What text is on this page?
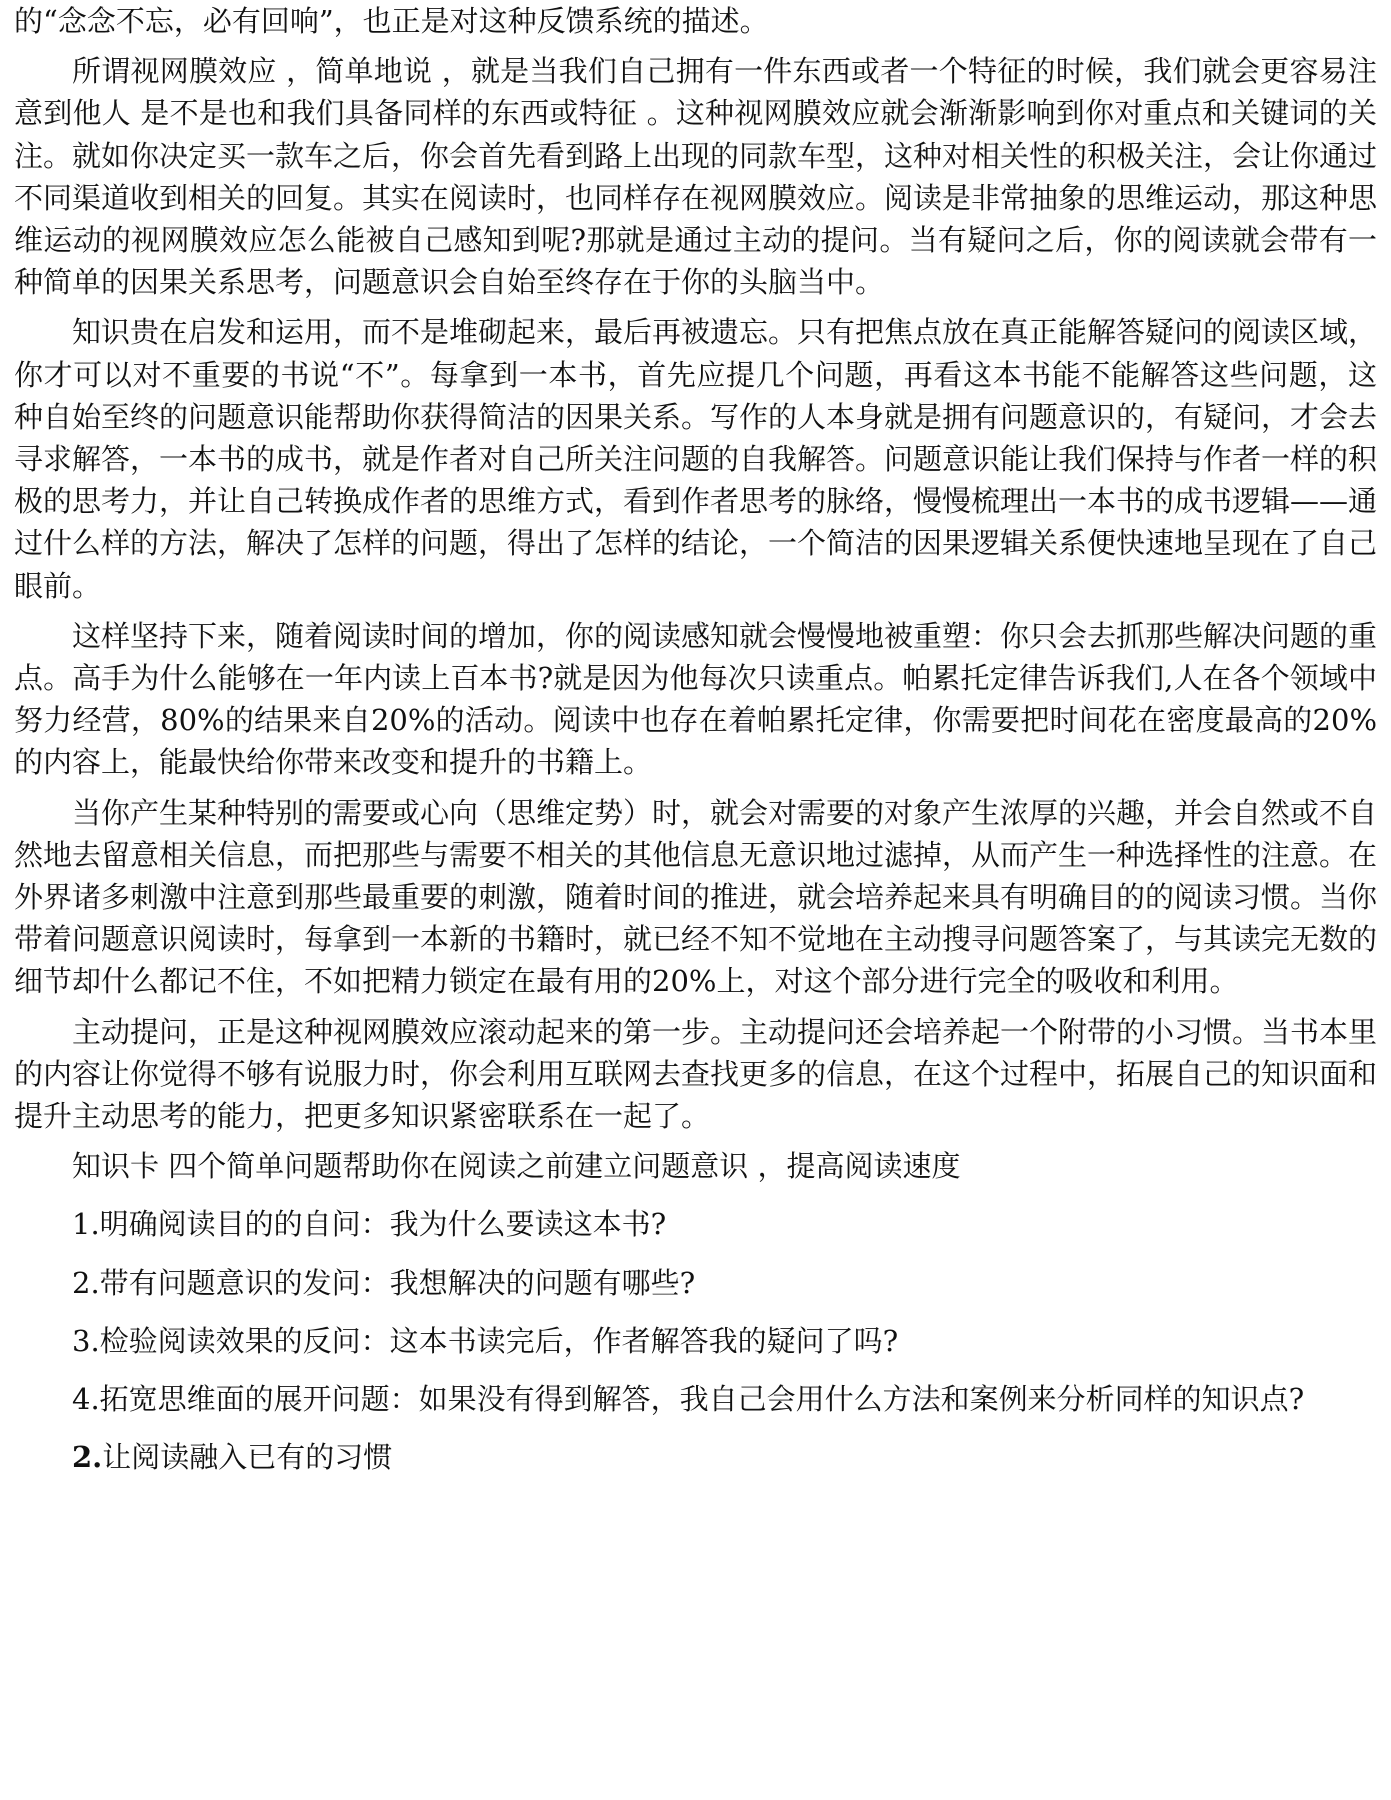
的“念念不忘，必有回响”，也正是对这种反馈系统的描述。

所谓视网膜效应 ，简单地说 ，就是当我们自己拥有一件东西或者一个特征的时候，我们就会更容易注意到他人 是不是也和我们具备同样的东西或特征 。这种视网膜效应就会渐渐影响到你对重点和关键词的关注。就如你决定买一款车之后，你会首先看到路上出现的同款车型，这种对相关性的积极关注，会让你通过不同渠道收到相关的回复。其实在阅读时，也同样存在视网膜效应。阅读是非常抽象的思维运动，那这种思维运动的视网膜效应怎么能被自己感知到呢?那就是通过主动的提问。当有疑问之后，你的阅读就会带有一种简单的因果关系思考，问题意识会自始至终存在于你的头脑当中。

知识贵在启发和运用，而不是堆砌起来，最后再被遗忘。只有把焦点放在真正能解答疑问的阅读区域，你才可以对不重要的书说“不”。每拿到一本书，首先应提几个问题，再看这本书能不能解答这些问题，这种自始至终的问题意识能帮助你获得简洁的因果关系。写作的人本身就是拥有问题意识的，有疑问，才会去寻求解答，一本书的成书，就是作者对自己所关注问题的自我解答。问题意识能让我们保持与作者一样的积极的思考力，并让自己转换成作者的思维方式，看到作者思考的脉络，慢慢梳理出一本书的成书逻辑——通过什么样的方法，解决了怎样的问题，得出了怎样的结论，一个简洁的因果逻辑关系便快速地呈现在了自己眼前。

这样坚持下来，随着阅读时间的增加，你的阅读感知就会慢慢地被重塑：你只会去抓那些解决问题的重点。高手为什么能够在一年内读上百本书?就是因为他每次只读重点。帕累托定律告诉我们,人在各个领域中努力经营，80%的结果来自20%的活动。阅读中也存在着帕累托定律，你需要把时间花在密度最高的20%的内容上，能最快给你带来改变和提升的书籍上。

当你产生某种特别的需要或心向（思维定势）时，就会对需要的对象产生浓厚的兴趣，并会自然或不自然地去留意相关信息，而把那些与需要不相关的其他信息无意识地过滤掉，从而产生一种选择性的注意。在外界诸多刺激中注意到那些最重要的刺激，随着时间的推进，就会培养起来具有明确目的的阅读习惯。当你带着问题意识阅读时，每拿到一本新的书籍时，就已经不知不觉地在主动搜寻问题答案了，与其读完无数的细节却什么都记不住，不如把精力锁定在最有用的20%上，对这个部分进行完全的吸收和利用。

主动提问，正是这种视网膜效应滚动起来的第一步。主动提问还会培养起一个附带的小习惯。当书本里的内容让你觉得不够有说服力时，你会利用互联网去查找更多的信息，在这个过程中，拓展自己的知识面和提升主动思考的能力，把更多知识紧密联系在一起了。

知识卡 四个简单问题帮助你在阅读之前建立问题意识 ，提高阅读速度

1.明确阅读目的的自问：我为什么要读这本书?

2.带有问题意识的发问：我想解决的问题有哪些?

3.检验阅读效果的反问：这本书读完后，作者解答我的疑问了吗?

4.拓宽思维面的展开问题：如果没有得到解答，我自己会用什么方法和案例来分析同样的知识点?

2.让阅读融入已有的习惯
